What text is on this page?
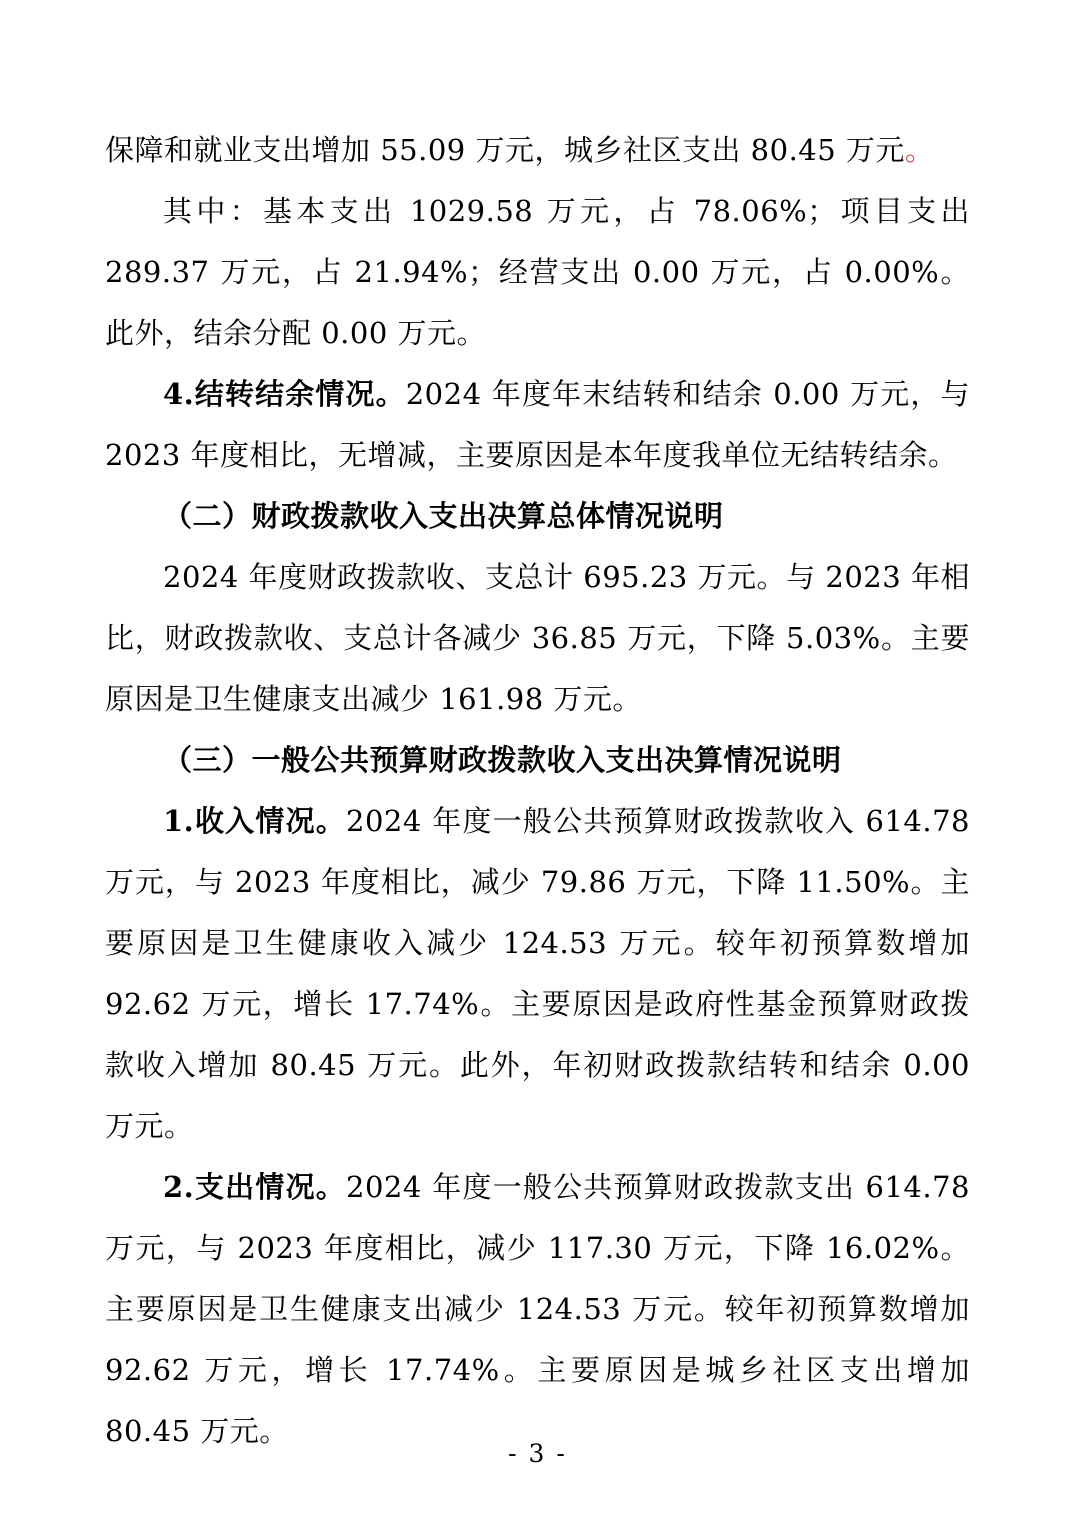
保障和就业支出增加 55.09 万元，城乡社区支出 80.45 万元。

其中：基本支出 1029.58 万元，占 78.06%；项目支出 289.37 万元，占 21.94%；经营支出 0.00 万元，占 0.00%。此外，结余分配 0.00 万元。

4.结转结余情况。2024 年度年末结转和结余 0.00 万元，与 2023 年度相比，无增减，主要原因是本年度我单位无结转结余。

（二）财政拨款收入支出决算总体情况说明

2024 年度财政拨款收、支总计 695.23 万元。与 2023 年相比，财政拨款收、支总计各减少 36.85 万元，下降 5.03%。主要原因是卫生健康支出减少 161.98 万元。

（三）一般公共预算财政拨款收入支出决算情况说明

1.收入情况。2024 年度一般公共预算财政拨款收入 614.78 万元，与 2023 年度相比，减少 79.86 万元，下降 11.50%。主要原因是卫生健康收入减少 124.53 万元。较年初预算数增加 92.62 万元，增长 17.74%。主要原因是政府性基金预算财政拨款收入增加 80.45 万元。此外，年初财政拨款结转和结余 0.00 万元。

2.支出情况。2024 年度一般公共预算财政拨款支出 614.78 万元，与 2023 年度相比，减少 117.30 万元，下降 16.02%。主要原因是卫生健康支出减少 124.53 万元。较年初预算数增加 92.62 万元，增长 17.74%。主要原因是城乡社区支出增加 80.45 万元。

- 3 -
